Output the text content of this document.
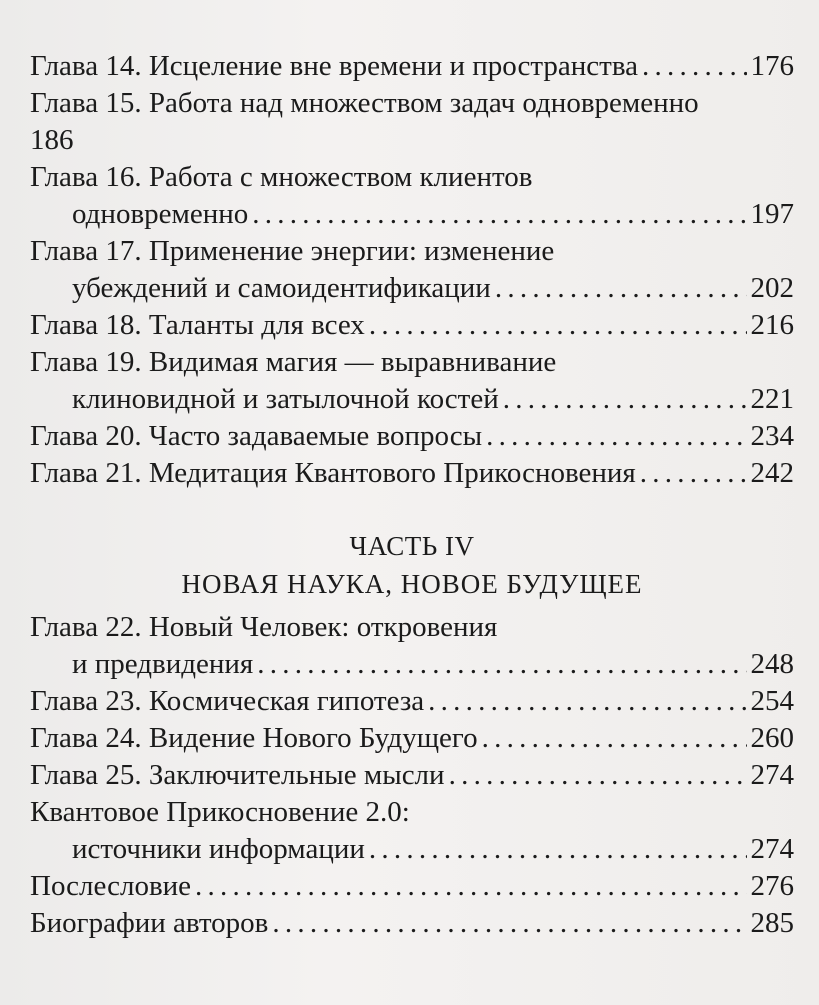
Глава 14. Исцеление вне времени и пространства . . .	176
Глава 15. Работа над множеством задач одновременно
186
Глава 16. Работа с множеством клиентов
одновременно . . .	197
Глава 17. Применение энергии: изменение
убеждений и самоидентификации . . .	202
Глава 18. Таланты для всех . . .	216
Глава 19. Видимая магия — выравнивание
клиновидной и затылочной костей . . .	221
Глава 20. Часто задаваемые вопросы . . .	234
Глава 21. Медитация Квантового Прикосновения . . .	242
ЧАСТЬ IV
НОВАЯ НАУКА, НОВОЕ БУДУЩЕЕ
Глава 22. Новый Человек: откровения
и предвидения . . .	248
Глава 23. Космическая гипотеза . . .	254
Глава 24. Видение Нового Будущего . . .	260
Глава 25. Заключительные мысли . . .	274
Квантовое Прикосновение 2.0:
источники информации . . .	274
Послесловие . . .	276
Биографии авторов . . .	285
